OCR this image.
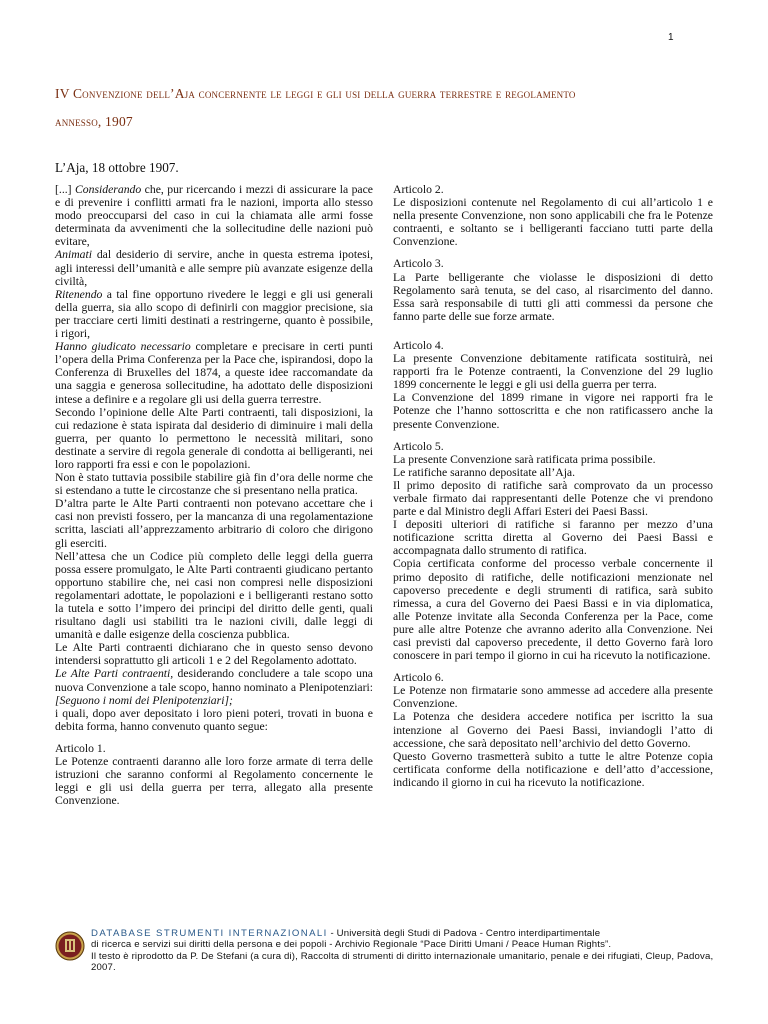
1
IV Convenzione dell’Aja concernente le leggi e gli usi della guerra terrestre e regolamento
annesso, 1907
L’Aja, 18 ottobre 1907.

[...] Considerando che, pur ricercando i mezzi di assicurare la pace e di prevenire i conflitti armati fra le nazioni, importa allo stesso modo preoccuparsi del caso in cui la chiamata alle armi fosse determinata da avvenimenti che la sollecitudine delle nazioni può evitare,

Animati dal desiderio di servire, anche in questa estrema ipotesi, agli interessi dell’umanità e alle sempre più avanzate esigenze della civiltà,

Ritenendo a tal fine opportuno rivedere le leggi e gli usi generali della guerra, sia allo scopo di definirli con maggior precisione, sia per tracciare certi limiti destinati a restringerne, quanto è possibile, i rigori,

Hanno giudicato necessario completare e precisare in certi punti l’opera della Prima Conferenza per la Pace che, ispirandosi, dopo la Conferenza di Bruxelles del 1874, a queste idee raccomandate da una saggia e generosa sollecitudine, ha adottato delle disposizioni intese a definire e a regolare gli usi della guerra terrestre.

Secondo l’opinione delle Alte Parti contraenti, tali disposizioni, la cui redazione è stata ispirata dal desiderio di diminuire i mali della guerra, per quanto lo permettono le necessità militari, sono destinate a servire di regola generale di condotta ai belligeranti, nei loro rapporti fra essi e con le popolazioni.

Non è stato tuttavia possibile stabilire già fin d’ora delle norme che si estendano a tutte le circostanze che si presentano nella pratica.

D’altra parte le Alte Parti contraenti non potevano accettare che i casi non previsti fossero, per la mancanza di una regolamentazione scritta, lasciati all’apprezzamento arbitrario di coloro che dirigono gli eserciti.

Nell’attesa che un Codice più completo delle leggi della guerra possa essere promulgato, le Alte Parti contraenti giudicano pertanto opportuno stabilire che, nei casi non compresi nelle disposizioni regolamentari adottate, le popolazioni e i belligeranti restano sotto la tutela e sotto l’impero dei principi del diritto delle genti, quali risultano dagli usi stabiliti tra le nazioni civili, dalle leggi di umanità e dalle esigenze della coscienza pubblica.

Le Alte Parti contraenti dichiarano che in questo senso devono intendersi soprattutto gli articoli 1 e 2 del Regolamento adottato.

Le Alte Parti contraenti, desiderando concludere a tale scopo una nuova Convenzione a tale scopo, hanno nominato a Plenipotenziari: [Seguono i nomi dei Plenipotenziari];

i quali, dopo aver depositato i loro pieni poteri, trovati in buona e debita forma, hanno convenuto quanto segue:

Articolo 1.

Le Potenze contraenti daranno alle loro forze armate di terra delle istruzioni che saranno conformi al Regolamento concernente le leggi e gli usi della guerra per terra, allegato alla presente Convenzione.

Articolo 2.

Le disposizioni contenute nel Regolamento di cui all’articolo 1 e nella presente Convenzione, non sono applicabili che fra le Potenze contraenti, e soltanto se i belligeranti facciano tutti parte della Convenzione.

Articolo 3.

La Parte belligerante che violasse le disposizioni di detto Regolamento sarà tenuta, se del caso, al risarcimento del danno. Essa sarà responsabile di tutti gli atti commessi da persone che fanno parte delle sue forze armate.

Articolo 4.

La presente Convenzione debitamente ratificata sostituirà, nei rapporti fra le Potenze contraenti, la Convenzione del 29 luglio 1899 concernente le leggi e gli usi della guerra per terra.

La Convenzione del 1899 rimane in vigore nei rapporti fra le Potenze che l’hanno sottoscritta e che non ratificassero anche la presente Convenzione.

Articolo 5.

La presente Convenzione sarà ratificata prima possibile.

Le ratifiche saranno depositate all’Aja.

Il primo deposito di ratifiche sarà comprovato da un processo verbale firmato dai rappresentanti delle Potenze che vi prendono parte e dal Ministro degli Affari Esteri dei Paesi Bassi.

I depositi ulteriori di ratifiche si faranno per mezzo d’una notificazione scritta diretta al Governo dei Paesi Bassi e accompagnata dallo strumento di ratifica.

Copia certificata conforme del processo verbale concernente il primo deposito di ratifiche, delle notificazioni menzionate nel capoverso precedente e degli strumenti di ratifica, sarà subito rimessa, a cura del Governo dei Paesi Bassi e in via diplomatica, alle Potenze invitate alla Seconda Conferenza per la Pace, come pure alle altre Potenze che avranno aderito alla Convenzione. Nei casi previsti dal capoverso precedente, il detto Governo farà loro conoscere in pari tempo il giorno in cui ha ricevuto la notificazione.

Articolo 6.

Le Potenze non firmatarie sono ammesse ad accedere alla presente Convenzione.

La Potenza che desidera accedere notifica per iscritto la sua intenzione al Governo dei Paesi Bassi, inviandogli l’atto di accessione, che sarà depositato nell’archivio del detto Governo.

Questo Governo trasmetterà subito a tutte le altre Potenze copia certificata conforme della notificazione e dell’atto d’accessione, indicando il giorno in cui ha ricevuto la notificazione.

DATABASE STRUMENTI INTERNAZIONALI - Università degli Studi di Padova - Centro interdipartimentale
di ricerca e servizi sui diritti della persona e dei popoli - Archivio Regionale “Pace Diritti Umani / Peace Human Rights”.
Il testo è riprodotto da P. De Stefani (a cura di), Raccolta di strumenti di diritto internazionale umanitario, penale e dei rifugiati, Cleup, Padova, 2007.
